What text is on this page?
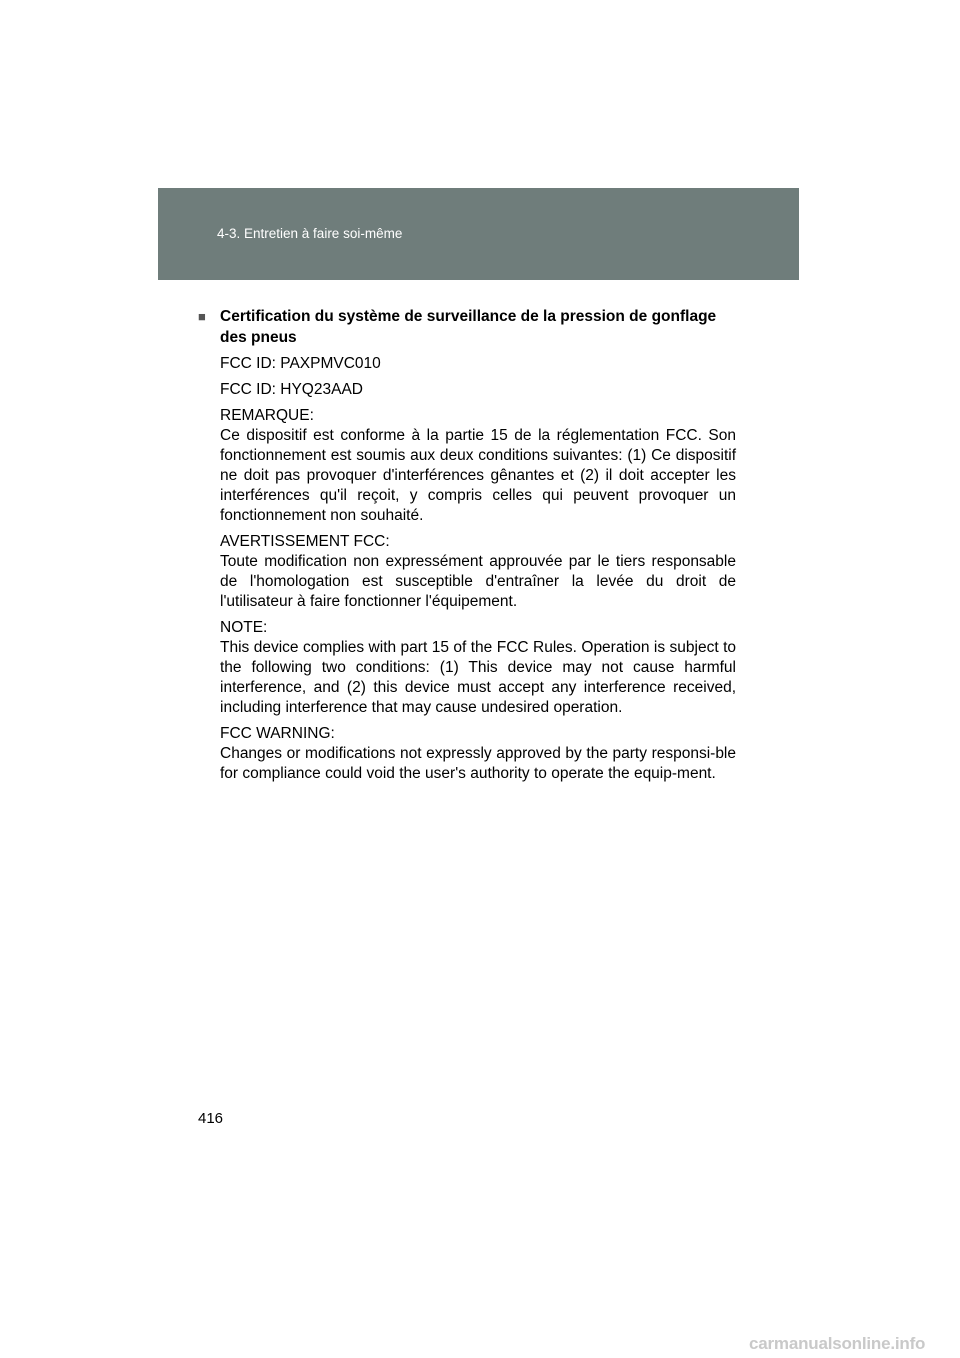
4-3. Entretien à faire soi-même
■ Certification du système de surveillance de la pression de gonflage des pneus

FCC ID: PAXPMVC010

FCC ID: HYQ23AAD

REMARQUE:

Ce dispositif est conforme à la partie 15 de la réglementation FCC. Son fonctionnement est soumis aux deux conditions suivantes: (1) Ce dispositif ne doit pas provoquer d'interférences gênantes et (2) il doit accepter les interférences qu'il reçoit, y compris celles qui peuvent provoquer un fonctionnement non souhaité.

AVERTISSEMENT FCC:

Toute modification non expressément approuvée par le tiers responsable de l'homologation est susceptible d'entraîner la levée du droit de l'utilisateur à faire fonctionner l'équipement.

NOTE:

This device complies with part 15 of the FCC Rules. Operation is subject to the following two conditions: (1) This device may not cause harmful interference, and (2) this device must accept any interference received, including interference that may cause undesired operation.

FCC WARNING:

Changes or modifications not expressly approved by the party responsi-ble for compliance could void the user's authority to operate the equip-ment.

416
carmanualsonline.info
